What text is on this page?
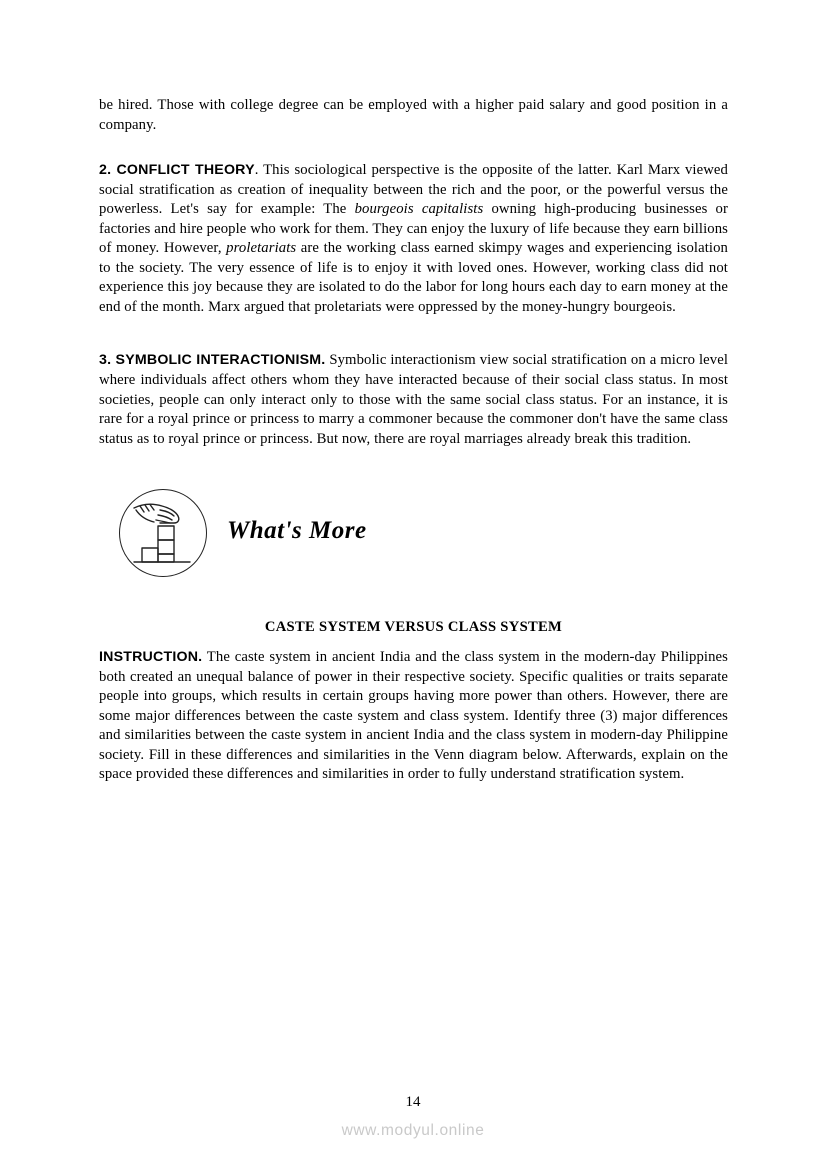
be hired. Those with college degree can be employed with a higher paid salary and good position in a company.

2. CONFLICT THEORY. This sociological perspective is the opposite of the latter. Karl Marx viewed social stratification as creation of inequality between the rich and the poor, or the powerful versus the powerless. Let's say for example: The bourgeois capitalists owning high-producing businesses or factories and hire people who work for them. They can enjoy the luxury of life because they earn billions of money. However, proletariats are the working class earned skimpy wages and experiencing isolation to the society. The very essence of life is to enjoy it with loved ones. However, working class did not experience this joy because they are isolated to do the labor for long hours each day to earn money at the end of the month. Marx argued that proletariats were oppressed by the money-hungry bourgeois.

3. SYMBOLIC INTERACTIONISM. Symbolic interactionism view social stratification on a micro level where individuals affect others whom they have interacted because of their social class status. In most societies, people can only interact only to those with the same social class status. For an instance, it is rare for a royal prince or princess to marry a commoner because the commoner don't have the same class status as to royal prince or princess. But now, there are royal marriages already break this tradition.

What's More

CASTE SYSTEM VERSUS CLASS SYSTEM

INSTRUCTION. The caste system in ancient India and the class system in the modern-day Philippines both created an unequal balance of power in their respective society. Specific qualities or traits separate people into groups, which results in certain groups having more power than others. However, there are some major differences between the caste system and class system. Identify three (3) major differences and similarities between the caste system in ancient India and the class system in modern-day Philippine society. Fill in these differences and similarities in the Venn diagram below. Afterwards, explain on the space provided these differences and similarities in order to fully understand stratification system.

14
www.modyul.online
